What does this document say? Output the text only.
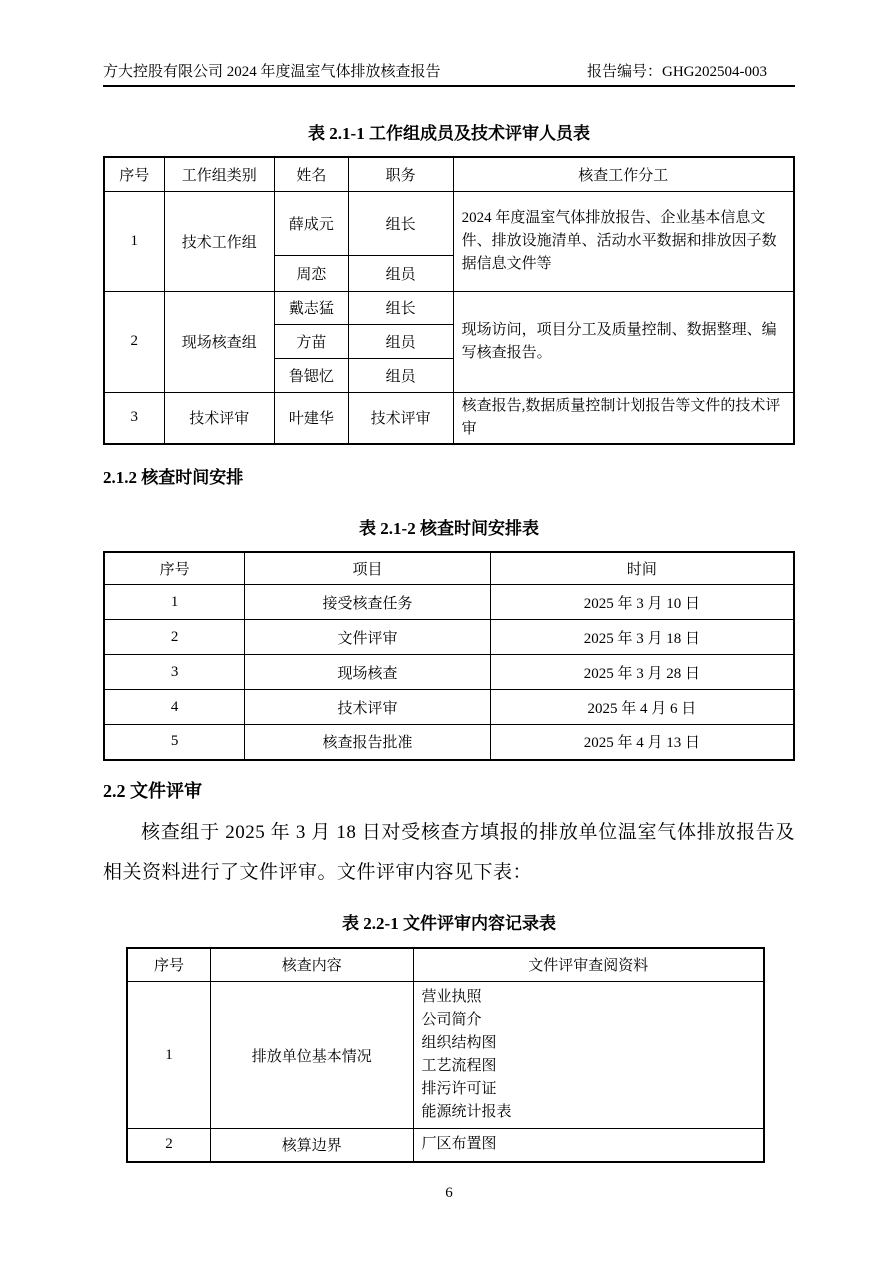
方大控股有限公司 2024 年度温室气体排放核查报告	报告编号：GHG202504-003
表 2.1-1 工作组成员及技术评审人员表
序号	工作组类别	姓名	职务	核查工作分工
1	技术工作组	薛成元	组长	2024 年度温室气体排放报告、企业基本信息文件、排放设施清单、活动水平数据和排放因子数据信息文件等
		周恋	组员	
2	现场核查组	戴志猛	组长	现场访问，项目分工及质量控制、数据整理、编写核查报告。
		方苗	组员	
		鲁锶忆	组员	
3	技术评审	叶建华	技术评审	核查报告,数据质量控制计划报告等文件的技术评审
2.1.2 核查时间安排
表 2.1-2 核查时间安排表
序号	项目	时间
1	接受核查任务	2025 年 3 月 10 日
2	文件评审	2025 年 3 月 18 日
3	现场核查	2025 年 3 月 28 日
4	技术评审	2025 年 4 月 6 日
5	核查报告批准	2025 年 4 月 13 日
2.2 文件评审
核查组于 2025 年 3 月 18 日对受核查方填报的排放单位温室气体排放报告及相关资料进行了文件评审。文件评审内容见下表：
表 2.2-1 文件评审内容记录表
序号	核查内容	文件评审查阅资料
1	排放单位基本情况	
营业执照
公司简介
组织结构图
工艺流程图
排污许可证
能源统计报表

2	核算边界	厂区布置图
6
